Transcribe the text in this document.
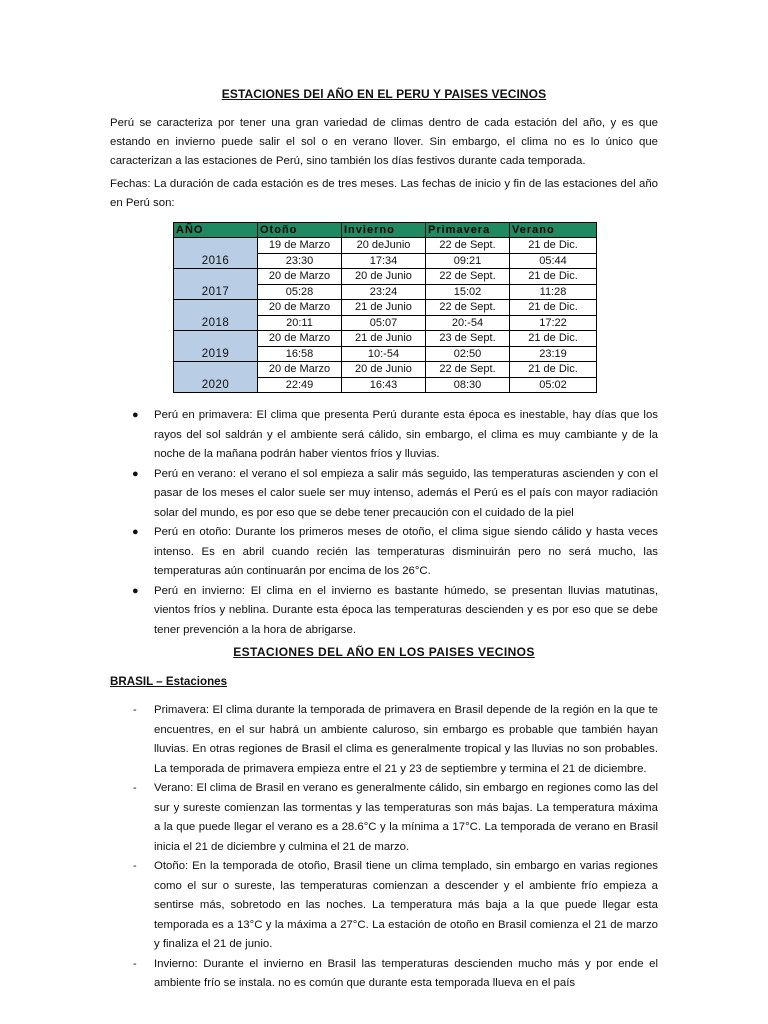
ESTACIONES DEl AÑO EN EL PERU Y PAISES VECINOS

Perú se caracteriza por tener una gran variedad de climas dentro de cada estación del año, y es que estando en invierno puede salir el sol o en verano llover. Sin embargo, el clima no es lo único que caracterizan a las estaciones de Perú, sino también los días festivos durante cada temporada.

Fechas: La duración de cada estación es de tres meses. Las fechas de inicio y fin de las estaciones del año en Perú son:

AÑO	Otoño	Invierno	Primavera	Verano
2016	19 de Marzo	20 deJunio	22 de Sept.	21 de Dic.
	23:30	17:34	09:21	05:44
2017	20 de Marzo	20 de Junio	22 de Sept.	21 de Dic.
	05:28	23:24	15:02	11:28
2018	20 de Marzo	21 de Junio	22 de Sept.	21 de Dic.
	20:11	05:07	20:-54	17:22
2019	20 de Marzo	21 de Junio	23 de Sept.	21 de Dic.
	16:58	10:-54	02:50	23:19
2020	20 de Marzo	20 de Junio	22 de Sept.	21 de Dic.
	22:49	16:43	08:30	05:02
● Perú en primavera: El clima que presenta Perú durante esta época es inestable, hay días que los rayos del sol saldrán y el ambiente será cálido, sin embargo, el clima es muy cambiante y de la noche de la mañana podrán haber vientos fríos y lluvias.
● Perú en verano: el verano el sol empieza a salir más seguido, las temperaturas ascienden y con el pasar de los meses el calor suele ser muy intenso, además el Perú es el país con mayor radiación solar del mundo, es por eso que se debe tener precaución con el cuidado de la piel
● Perú en otoño: Durante los primeros meses de otoño, el clima sigue siendo cálido y hasta veces intenso. Es en abril cuando recién las temperaturas disminuirán pero no será mucho, las temperaturas aún continuarán por encima de los 26°C.
● Perú en invierno: El clima en el invierno es bastante húmedo, se presentan lluvias matutinas, vientos fríos y neblina. Durante esta época las temperaturas descienden y es por eso que se debe tener prevención a la hora de abrigarse.
ESTACIONES DEL AÑO EN LOS PAISES VECINOS
BRASIL – Estaciones
- Primavera: El clima durante la temporada de primavera en Brasil depende de la región en la que te encuentres, en el sur habrá un ambiente caluroso, sin embargo es probable que también hayan lluvias. En otras regiones de Brasil el clima es generalmente tropical y las lluvias no son probables. La temporada de primavera empieza entre el 21 y 23 de septiembre y termina el 21 de diciembre.
- Verano: El clima de Brasil en verano es generalmente cálido, sin embargo en regiones como las del sur y sureste comienzan las tormentas y las temperaturas son más bajas. La temperatura máxima a la que puede llegar el verano es a 28.6°C y la mínima a 17°C. La temporada de verano en Brasil inicia el 21 de diciembre y culmina el 21 de marzo.
- Otoño: En la temporada de otoño, Brasil tiene un clima templado, sin embargo en varias regiones como el sur o sureste, las temperaturas comienzan a descender y el ambiente frío empieza a sentirse más, sobretodo en las noches. La temperatura más baja a la que puede llegar esta temporada es a 13°C y la máxima a 27°C. La estación de otoño en Brasil comienza el 21 de marzo y finaliza el 21 de junio.
- Invierno: Durante el invierno en Brasil las temperaturas descienden mucho más y por ende el ambiente frío se instala. no es común que durante esta temporada llueva en el país
